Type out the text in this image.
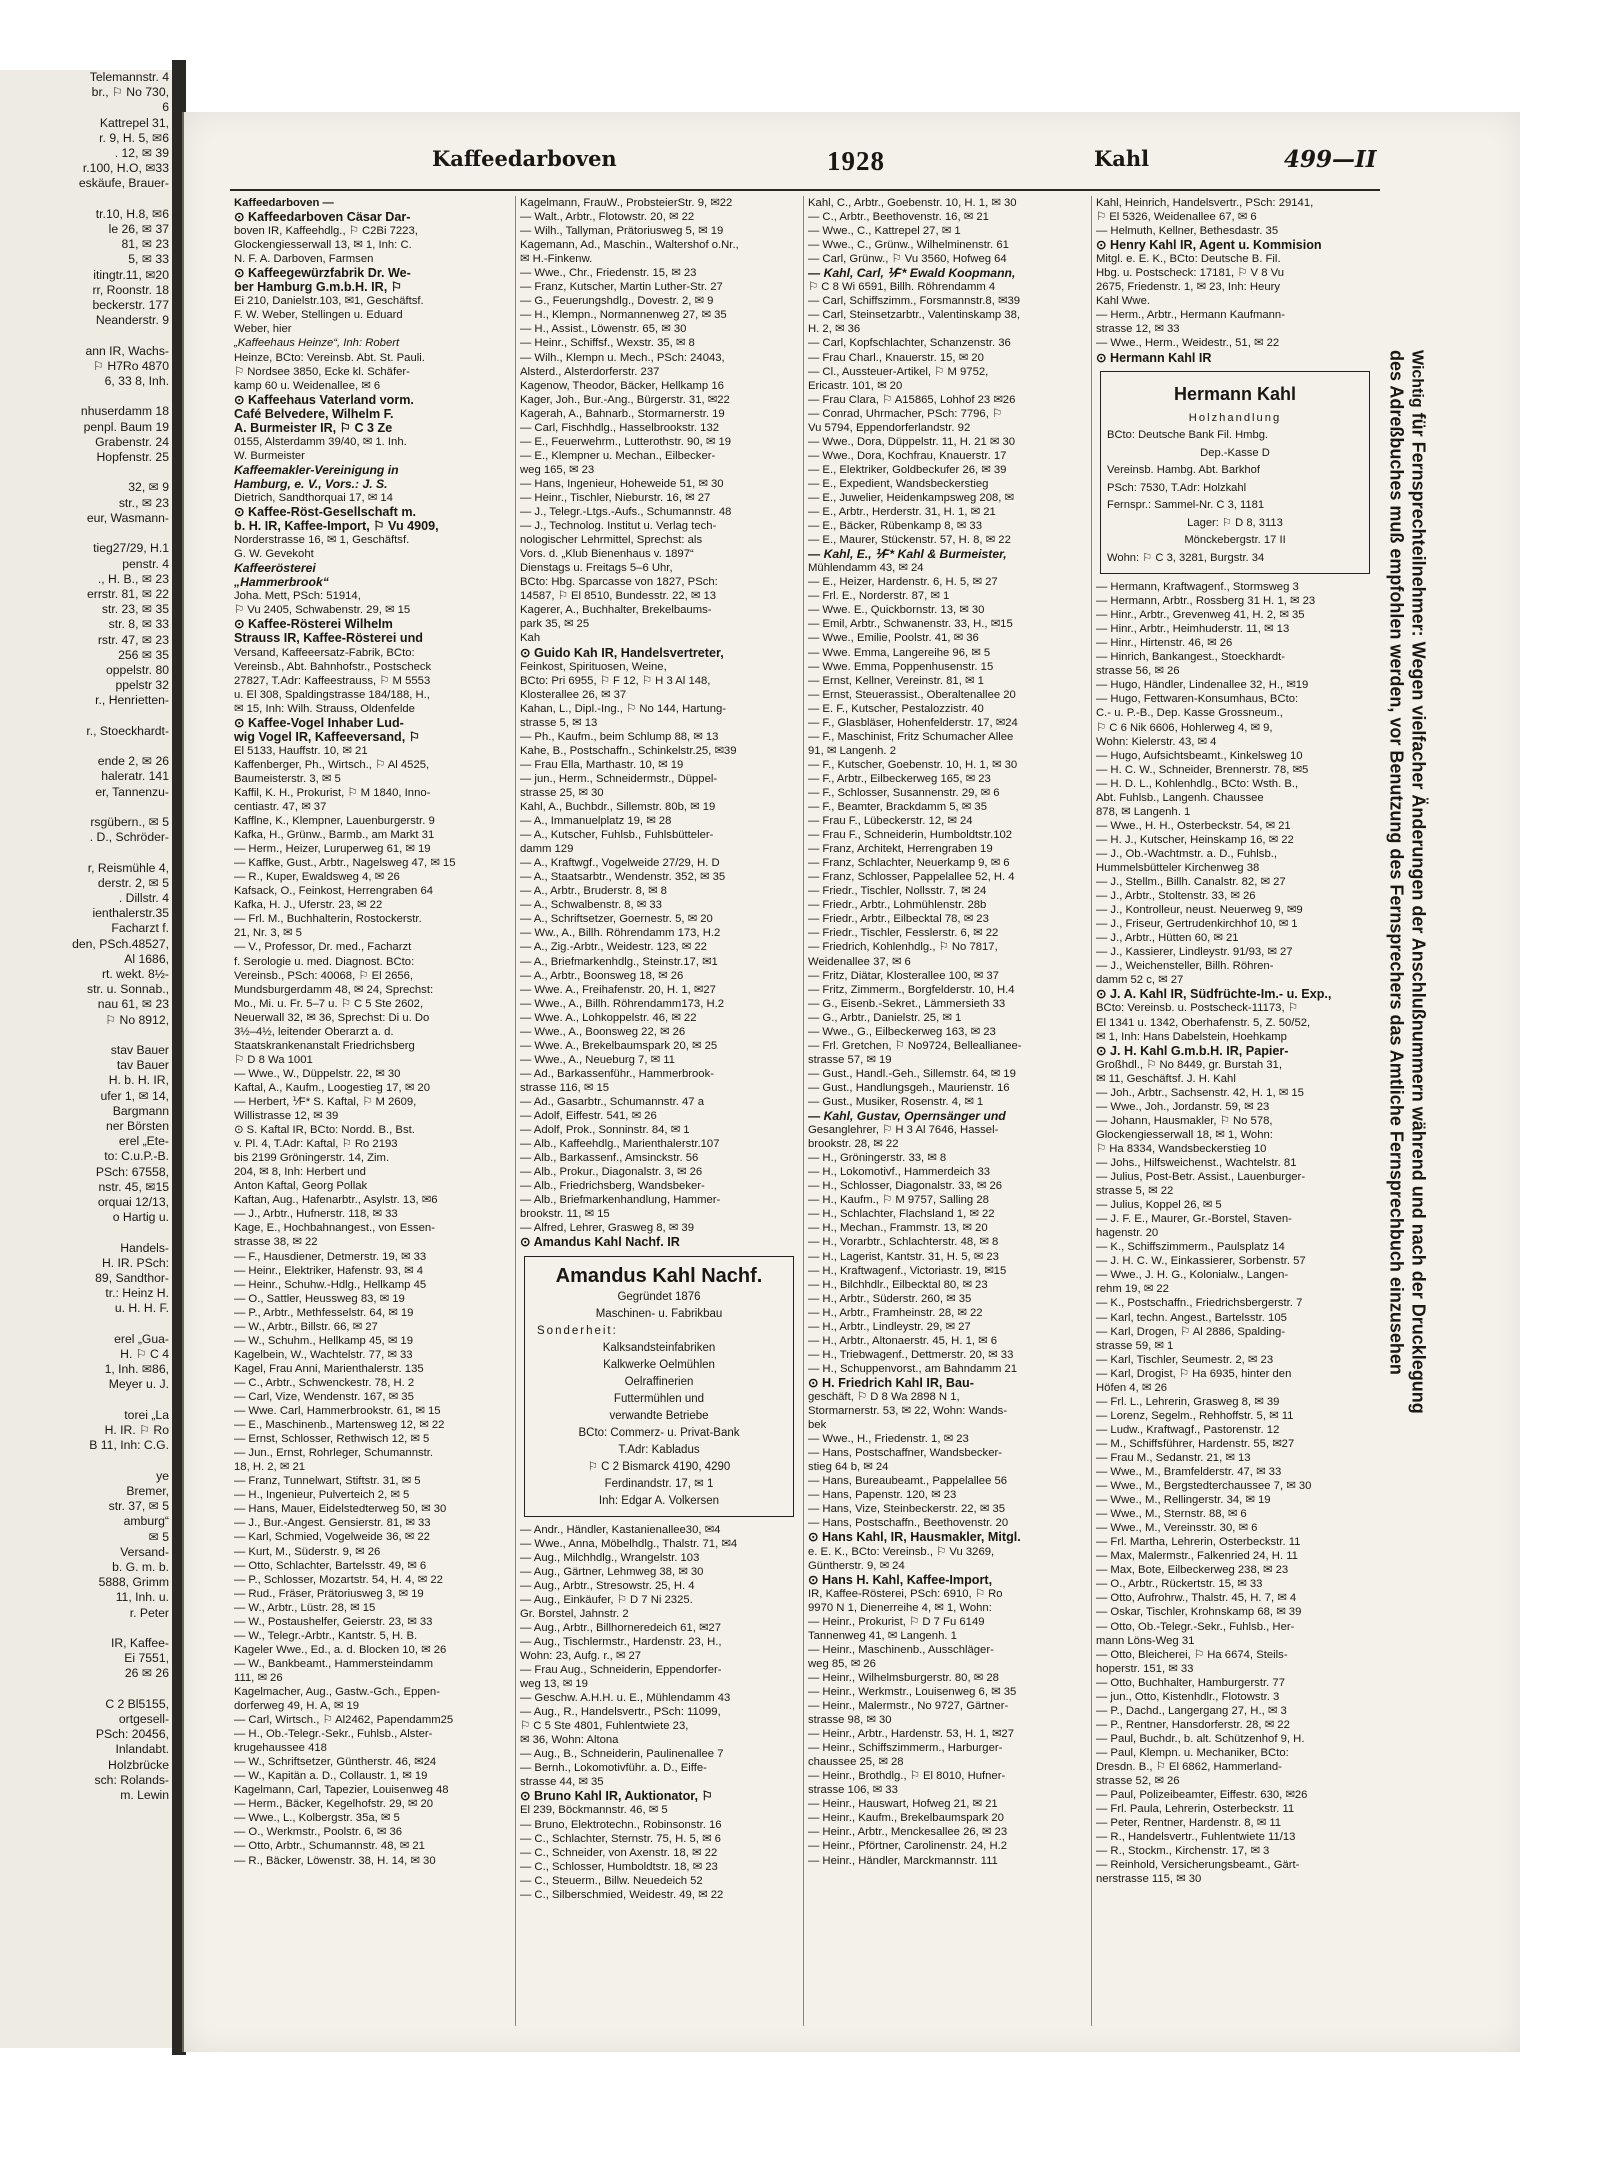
Telemannstr. 4
br., ⚐ No 730,
6
Kattrepel 31,
r. 9, H. 5, ✉6
. 12, ✉ 39
r.100, H.O, ✉33
eskäufe, Brauer-

tr.10, H.8, ✉6
le 26, ✉ 37
81, ✉ 23
5, ✉ 33
itingtr.11, ✉20
rr, Roonstr. 18
beckerstr. 177
Neanderstr. 9

ann IR, Wachs-
⚐ H7Ro 4870
6, 33 8, Inh.

nhuserdamm 18
penpl. Baum 19
Grabenstr. 24
Hopfenstr. 25

32, ✉ 9
str., ✉ 23
eur, Wasmann-

tieg27/29, H.1
penstr. 4
., H. B., ✉ 23
errstr. 81, ✉ 22
str. 23, ✉ 35
str. 8, ✉ 33
rstr. 47, ✉ 23
256 ✉ 35
oppelstr. 80
ppelstr 32
r., Henrietten-

r., Stoeckhardt-

ende 2, ✉ 26
haleratr. 141
er, Tannenzu-

rsgübern., ✉ 5
. D., Schröder-

r, Reismühle 4,
derstr. 2, ✉ 5
. Dillstr. 4
ienthalerstr.35
Facharzt f.
den, PSch.48527,
Al 1686,
rt. wekt. 8½-
str. u. Sonnab.,
nau 61, ✉ 23
⚐ No 8912,

stav Bauer
tav Bauer
H. b. H. IR,
ufer 1, ✉ 14,
Bargmann
ner Börsten
erel „Ete-
to: C.u.P.-B.
PSch: 67558,
nstr. 45, ✉15
orquai 12/13,
o Hartig u.

Handels-
H. IR. PSch:
89, Sandthor-
tr.: Heinz H.
u. H. H. F.

erel „Gua-
H. ⚐ C 4
1, Inh. ✉86,
Meyer u. J.

torei „La
H. IR. ⚐ Ro
B 11, Inh: C.G.

ye
Bremer,
str. 37, ✉ 5
amburg“
✉ 5
Versand-
b. G. m. b.
5888, Grimm
11, Inh. u.
r. Peter

IR, Kaffee-
Ei 7551,
26 ✉ 26

C 2 Bl5155,
ortgesell-
PSch: 20456,
Inlandabt.
Holzbrücke
sch: Rolands-
m. Lewin
Kaffeedarboven	1928	Kahl	499—II
Kaffeedarboven —
⊙ Kaffeedarboven Cäsar Dar-
boven IR, Kaffeehdlg., ⚐ C2Bi 7223,
Glockengiesserwall 13, ✉ 1, Inh: C.
N. F. A. Darboven, Farmsen
⊙ Kaffeegewürzfabrik Dr. We-
ber Hamburg G.m.b.H. IR, ⚐
Ei 210, Danielstr.103, ✉1, Geschäftsf.
F. W. Weber, Stellingen u. Eduard
Weber, hier
„Kaffeehaus Heinze“, Inh: Robert
Heinze, BCto: Vereinsb. Abt. St. Pauli.
⚐ Nordsee 3850, Ecke kl. Schäfer-
kamp 60 u. Weidenallee, ✉ 6
⊙ Kaffeehaus Vaterland vorm.
Café Belvedere, Wilhelm F.
A. Burmeister IR, ⚐ C 3 Ze
0155, Alsterdamm 39/40, ✉ 1. Inh.
W. Burmeister
Kaffeemakler-Vereinigung in
Hamburg, e. V., Vors.: J. S.
Dietrich, Sandthorquai 17, ✉ 14
⊙ Kaffee-Röst-Gesellschaft m.
b. H. IR, Kaffee-Import, ⚐ Vu 4909,
Norderstrasse 16, ✉ 1, Geschäftsf.
G. W. Gevekoht
Kaffeerösterei
„Hammerbrook“
Joha. Mett, PSch: 51914,
⚐ Vu 2405, Schwabenstr. 29, ✉ 15
⊙ Kaffee-Rösterei Wilhelm
Strauss IR, Kaffee-Rösterei und
Versand, Kaffeeersatz-Fabrik, BCto:
Vereinsb., Abt. Bahnhofstr., Postscheck
27827, T.Adr: Kaffeestrauss, ⚐ M 5553
u. El 308, Spaldingstrasse 184/188, H.,
✉ 15, Inh: Wilh. Strauss, Oldenfelde
⊙ Kaffee-Vogel Inhaber Lud-
wig Vogel IR, Kaffeeversand, ⚐
El 5133, Hauffstr. 10, ✉ 21
Kaffenberger, Ph., Wirtsch., ⚐ Al 4525,
Baumeisterstr. 3, ✉ 5
Kaffil, K. H., Prokurist, ⚐ M 1840, Inno-
centiastr. 47, ✉ 37
Kafflne, K., Klempner, Lauenburgerstr. 9
Kafka, H., Grünw., Barmb., am Markt 31
— Herm., Heizer, Luruperweg 61, ✉ 19
— Kaffke, Gust., Arbtr., Nagelsweg 47, ✉ 15
— R., Kuper, Ewaldsweg 4, ✉ 26
Kafsack, O., Feinkost, Herrengraben 64
Kafka, H. J., Uferstr. 23, ✉ 22
— Frl. M., Buchhalterin, Rostockerstr.
21, Nr. 3, ✉ 5
— V., Professor, Dr. med., Facharzt
f. Serologie u. med. Diagnost. BCto:
Vereinsb., PSch: 40068, ⚐ El 2656,
Mundsburgerdamm 48, ✉ 24, Sprechst:
Mo., Mi. u. Fr. 5–7 u. ⚐ C 5 Ste 2602,
Neuerwall 32, ✉ 36, Sprechst: Di u. Do
3½–4½, leitender Oberarzt a. d.
Staatskrankenanstalt Friedrichsberg
⚐ D 8 Wa 1001
— Wwe., W., Düppelstr. 22, ✉ 30
Kaftal, A., Kaufm., Loogestieg 17, ✉ 20
— Herbert, ⅟F* S. Kaftal, ⚐ M 2609,
Willistrasse 12, ✉ 39
⊙ S. Kaftal IR, BCto: Nordd. B., Bst.
v. Pl. 4, T.Adr: Kaftal, ⚐ Ro 2193
bis 2199 Gröningerstr. 14, Zim.
204, ✉ 8, Inh: Herbert und
Anton Kaftal, Georg Pollak
Kaftan, Aug., Hafenarbtr., Asylstr. 13, ✉6
— J., Arbtr., Hufnerstr. 118, ✉ 33
Kage, E., Hochbahnangest., von Essen-
strasse 38, ✉ 22
— F., Hausdiener, Detmerstr. 19, ✉ 33
— Heinr., Elektriker, Hafenstr. 93, ✉ 4
— Heinr., Schuhw.-Hdlg., Hellkamp 45
— O., Sattler, Heussweg 83, ✉ 19
— P., Arbtr., Methfesselstr. 64, ✉ 19
— W., Arbtr., Billstr. 66, ✉ 27
— W., Schuhm., Hellkamp 45, ✉ 19
Kagelbein, W., Wachtelstr. 77, ✉ 33
Kagel, Frau Anni, Marienthalerstr. 135
— C., Arbtr., Schwenckestr. 78, H. 2
— Carl, Vize, Wendenstr. 167, ✉ 35
— Wwe. Carl, Hammerbrookstr. 61, ✉ 15
— E., Maschinenb., Martensweg 12, ✉ 22
— Ernst, Schlosser, Rethwisch 12, ✉ 5
— Jun., Ernst, Rohrleger, Schumannstr.
18, H. 2, ✉ 21
— Franz, Tunnelwart, Stiftstr. 31, ✉ 5
— H., Ingenieur, Pulverteich 2, ✉ 5
— Hans, Mauer, Eidelstedterweg 50, ✉ 30
— J., Bur.-Angest. Gensierstr. 81, ✉ 33
— Karl, Schmied, Vogelweide 36, ✉ 22
— Kurt, M., Süderstr. 9, ✉ 26
— Otto, Schlachter, Bartelsstr. 49, ✉ 6
— P., Schlosser, Mozartstr. 54, H. 4, ✉ 22
— Rud., Fräser, Prätoriusweg 3, ✉ 19
— W., Arbtr., Lüstr. 28, ✉ 15
— W., Postaushelfer, Geierstr. 23, ✉ 33
— W., Telegr.-Arbtr., Kantstr. 5, H. B.
Kageler Wwe., Ed., a. d. Blocken 10, ✉ 26
— W., Bankbeamt., Hammersteindamm
111, ✉ 26
Kagelmacher, Aug., Gastw.-Gch., Eppen-
dorferweg 49, H. A, ✉ 19
— Carl, Wirtsch., ⚐ Al2462, Papendamm25
— H., Ob.-Telegr.-Sekr., Fuhlsb., Alster-
krugehaussee 418
— W., Schriftsetzer, Güntherstr. 46, ✉24
— W., Kapitän a. D., Collaustr. 1, ✉ 19
Kagelmann, Carl, Tapezier, Louisenweg 48
— Herm., Bäcker, Kegelhofstr. 29, ✉ 20
— Wwe., L., Kolbergstr. 35a, ✉ 5
— O., Werkmstr., Poolstr. 6, ✉ 36
— Otto, Arbtr., Schumannstr. 48, ✉ 21
— R., Bäcker, Löwenstr. 38, H. 14, ✉ 30
Kagelmann, FrauW., ProbsteierStr. 9, ✉22
— Walt., Arbtr., Flotowstr. 20, ✉ 22
— Wilh., Tallyman, Prätoriusweg 5, ✉ 19
Kagemann, Ad., Maschin., Waltershof o.Nr.,
✉ H.-Finkenw.
— Wwe., Chr., Friedenstr. 15, ✉ 23
— Franz, Kutscher, Martin Luther-Str. 27
— G., Feuerungshdlg., Dovestr. 2, ✉ 9
— H., Klempn., Normannenweg 27, ✉ 35
— H., Assist., Löwenstr. 65, ✉ 30
— Heinr., Schiffsf., Wexstr. 35, ✉ 8
— Wilh., Klempn u. Mech., PSch: 24043,
Alsterd., Alsterdorferstr. 237
Kagenow, Theodor, Bäcker, Hellkamp 16
Kager, Joh., Bur.-Ang., Bürgerstr. 31, ✉22
Kagerah, A., Bahnarb., Stormarnerstr. 19
— Carl, Fischhdlg., Hasselbrookstr. 132
— E., Feuerwehrm., Lutterothstr. 90, ✉ 19
— E., Klempner u. Mechan., Eilbecker-
weg 165, ✉ 23
— Hans, Ingenieur, Hoheweide 51, ✉ 30
— Heinr., Tischler, Nieburstr. 16, ✉ 27
— J., Telegr.-Ltgs.-Aufs., Schumannstr. 48
— J., Technolog. Institut u. Verlag tech-
nologischer Lehrmittel, Sprechst: als
Vors. d. „Klub Bienenhaus v. 1897“
Dienstags u. Freitags 5–6 Uhr,
BCto: Hbg. Sparcasse von 1827, PSch:
14587, ⚐ El 8510, Bundesstr. 22, ✉ 13
Kagerer, A., Buchhalter, Brekelbaums-
park 35, ✉ 25
Kah
⊙ Guido Kah IR, Handelsvertreter,
Feinkost, Spirituosen, Weine,
BCto: Pri 6955, ⚐ F 12, ⚐ H 3 Al 148,
Klosterallee 26, ✉ 37
Kahan, L., Dipl.-Ing., ⚐ No 144, Hartung-
strasse 5, ✉ 13
— Ph., Kaufm., beim Schlump 88, ✉ 13
Kahe, B., Postschaffn., Schinkelstr.25, ✉39
— Frau Ella, Marthastr. 10, ✉ 19
— jun., Herm., Schneidermstr., Düppel-
strasse 25, ✉ 30
Kahl, A., Buchbdr., Sillemstr. 80b, ✉ 19
— A., Immanuelplatz 19, ✉ 28
— A., Kutscher, Fuhlsb., Fuhlsbütteler-
damm 129
— A., Kraftwgf., Vogelweide 27/29, H. D
— A., Staatsarbtr., Wendenstr. 352, ✉ 35
— A., Arbtr., Bruderstr. 8, ✉ 8
— A., Schwalbenstr. 8, ✉ 33
— A., Schriftsetzer, Goernestr. 5, ✉ 20
— Ww., A., Billh. Röhrendamm 173, H.2
— A., Zig.-Arbtr., Weidestr. 123, ✉ 22
— A., Briefmarkenhdlg., Steinstr.17, ✉1
— A., Arbtr., Boonsweg 18, ✉ 26
— Wwe. A., Freihafenstr. 20, H. 1, ✉27
— Wwe., A., Billh. Röhrendamm173, H.2
— Wwe. A., Lohkoppelstr. 46, ✉ 22
— Wwe., A., Boonsweg 22, ✉ 26
— Wwe. A., Brekelbaumspark 20, ✉ 25
— Wwe., A., Neueburg 7, ✉ 11
— Ad., Barkassenführ., Hammerbrook-
strasse 116, ✉ 15
— Ad., Gasarbtr., Schumannstr. 47 a
— Adolf, Eiffestr. 541, ✉ 26
— Adolf, Prok., Sonninstr. 84, ✉ 1
— Alb., Kaffeehdlg., Marienthalerstr.107
— Alb., Barkassenf., Amsinckstr. 56
— Alb., Prokur., Diagonalstr. 3, ✉ 26
— Alb., Friedrichsberg, Wandsbeker-
— Alb., Briefmarkenhandlung, Hammer-
brookstr. 11, ✉ 15
— Alfred, Lehrer, Grasweg 8, ✉ 39
⊙ Amandus Kahl Nachf. IR
Amandus Kahl Nachf.
Gegründet 1876
Maschinen- u. Fabrikbau
Sonderheit:
Kalksandsteinfabriken
Kalkwerke Oelmühlen
Oelraffinerien
Futtermühlen und
verwandte Betriebe
BCto: Commerz- u. Privat-Bank
T.Adr: Kabladus
⚐ C 2 Bismarck 4190, 4290
Ferdinandstr. 17, ✉ 1
Inh: Edgar A. Volkersen
— Andr., Händler, Kastanienallee30, ✉4
— Wwe., Anna, Möbelhdlg., Thalstr. 71, ✉4
— Aug., Milchhdlg., Wrangelstr. 103
— Aug., Gärtner, Lehmweg 38, ✉ 30
— Aug., Arbtr., Stresowstr. 25, H. 4
— Aug., Einkäufer, ⚐ D 7 Ni 2325.
Gr. Borstel, Jahnstr. 2
— Aug., Arbtr., Billhorneredeich 61, ✉27
— Aug., Tischlermstr., Hardenstr. 23, H.,
Wohn: 23, Aufg. r., ✉ 27
— Frau Aug., Schneiderin, Eppendorfer-
weg 13, ✉ 19
— Geschw. A.H.H. u. E., Mühlendamm 43
— Aug., R., Handelsvertr., PSch: 11099,
⚐ C 5 Ste 4801, Fuhlentwiete 23,
✉ 36, Wohn: Altona
— Aug., B., Schneiderin, Paulinenallee 7
— Bernh., Lokomotivführ. a. D., Eiffe-
strasse 44, ✉ 35
⊙ Bruno Kahl IR, Auktionator, ⚐
El 239, Böckmannstr. 46, ✉ 5
— Bruno, Elektrotechn., Robinsonstr. 16
— C., Schlachter, Sternstr. 75, H. 5, ✉ 6
— C., Schneider, von Axenstr. 18, ✉ 22
— C., Schlosser, Humboldtstr. 18, ✉ 23
— C., Steuerm., Billw. Neuedeich 52
— C., Silberschmied, Weidestr. 49, ✉ 22
Kahl, C., Arbtr., Goebenstr. 10, H. 1, ✉ 30
— C., Arbtr., Beethovenstr. 16, ✉ 21
— Wwe., C., Kattrepel 27, ✉ 1
— Wwe., C., Grünw., Wilhelminenstr. 61
— Carl, Grünw., ⚐ Vu 3560, Hofweg 64
— Kahl, Carl, ⅟F* Ewald Koopmann,
⚐ C 8 Wi 6591, Billh. Röhrendamm 4
— Carl, Schiffszimm., Forsmannstr.8, ✉39
— Carl, Steinsetzarbtr., Valentinskamp 38,
H. 2, ✉ 36
— Carl, Kopfschlachter, Schanzenstr. 36
— Frau Charl., Knauerstr. 15, ✉ 20
— Cl., Aussteuer-Artikel, ⚐ M 9752,
Ericastr. 101, ✉ 20
— Frau Clara, ⚐ A15865, Lohhof 23 ✉26
— Conrad, Uhrmacher, PSch: 7796, ⚐
Vu 5794, Eppendorferlandstr. 92
— Wwe., Dora, Düppelstr. 11, H. 21 ✉ 30
— Wwe., Dora, Kochfrau, Knauerstr. 17
— E., Elektriker, Goldbeckufer 26, ✉ 39
— E., Expedient, Wandsbeckerstieg
— E., Juwelier, Heidenkampsweg 208, ✉
— E., Arbtr., Herderstr. 31, H. 1, ✉ 21
— E., Bäcker, Rübenkamp 8, ✉ 33
— E., Maurer, Stückenstr. 57, H. 8, ✉ 22
— Kahl, E., ⅟F* Kahl & Burmeister,
Mühlendamm 43, ✉ 24
— E., Heizer, Hardenstr. 6, H. 5, ✉ 27
— Frl. E., Norderstr. 87, ✉ 1
— Wwe. E., Quickbornstr. 13, ✉ 30
— Emil, Arbtr., Schwanenstr. 33, H., ✉15
— Wwe., Emilie, Poolstr. 41, ✉ 36
— Wwe. Emma, Langereihe 96, ✉ 5
— Wwe. Emma, Poppenhusenstr. 15
— Ernst, Kellner, Vereinstr. 81, ✉ 1
— Ernst, Steuerassist., Oberaltenallee 20
— E. F., Kutscher, Pestalozzistr. 40
— F., Glasbläser, Hohenfelderstr. 17, ✉24
— F., Maschinist, Fritz Schumacher Allee
91, ✉ Langenh. 2
— F., Kutscher, Goebenstr. 10, H. 1, ✉ 30
— F., Arbtr., Eilbeckerweg 165, ✉ 23
— F., Schlosser, Susannenstr. 29, ✉ 6
— F., Beamter, Brackdamm 5, ✉ 35
— Frau F., Lübeckerstr. 12, ✉ 24
— Frau F., Schneiderin, Humboldtstr.102
— Franz, Architekt, Herrengraben 19
— Franz, Schlachter, Neuerkamp 9, ✉ 6
— Franz, Schlosser, Pappelallee 52, H. 4
— Friedr., Tischler, Nollsstr. 7, ✉ 24
— Friedr., Arbtr., Lohmühlenstr. 28b
— Friedr., Arbtr., Eilbecktal 78, ✉ 23
— Friedr., Tischler, Fesslerstr. 6, ✉ 22
— Friedrich, Kohlenhdlg., ⚐ No 7817,
Weidenallee 37, ✉ 6
— Fritz, Diätar, Klosterallee 100, ✉ 37
— Fritz, Zimmerm., Borgfelderstr. 10, H.4
— G., Eisenb.-Sekret., Lämmersieth 33
— G., Arbtr., Danielstr. 25, ✉ 1
— Wwe., G., Eilbeckerweg 163, ✉ 23
— Frl. Gretchen, ⚐ No9724, Belleallianee-
strasse 57, ✉ 19
— Gust., Handl.-Geh., Sillemstr. 64, ✉ 19
— Gust., Handlungsgeh., Maurienstr. 16
— Gust., Musiker, Rosenstr. 4, ✉ 1
— Kahl, Gustav, Opernsänger und
Gesanglehrer, ⚐ H 3 Al 7646, Hassel-
brookstr. 28, ✉ 22
— H., Gröningerstr. 33, ✉ 8
— H., Lokomotivf., Hammerdeich 33
— H., Schlosser, Diagonalstr. 33, ✉ 26
— H., Kaufm., ⚐ M 9757, Salling 28
— H., Schlachter, Flachsland 1, ✉ 22
— H., Mechan., Frammstr. 13, ✉ 20
— H., Vorarbtr., Schlachterstr. 48, ✉ 8
— H., Lagerist, Kantstr. 31, H. 5, ✉ 23
— H., Kraftwagenf., Victoriastr. 19, ✉15
— H., Bilchhdlr., Eilbecktal 80, ✉ 23
— H., Arbtr., Süderstr. 260, ✉ 35
— H., Arbtr., Framheinstr. 28, ✉ 22
— H., Arbtr., Lindleystr. 29, ✉ 27
— H., Arbtr., Altonaerstr. 45, H. 1, ✉ 6
— H., Triebwagenf., Dettmerstr. 20, ✉ 33
— H., Schuppenvorst., am Bahndamm 21
⊙ H. Friedrich Kahl IR, Bau-
geschäft, ⚐ D 8 Wa 2898 N 1,
Stormarnerstr. 53, ✉ 22, Wohn: Wands-
bek
— Wwe., H., Friedenstr. 1, ✉ 23
— Hans, Postschaffner, Wandsbecker-
stieg 64 b, ✉ 24
— Hans, Bureaubeamt., Pappelallee 56
— Hans, Papenstr. 120, ✉ 23
— Hans, Vize, Steinbeckerstr. 22, ✉ 35
— Hans, Postschaffn., Beethovenstr. 20
⊙ Hans Kahl, IR, Hausmakler, Mitgl.
e. E. K., BCto: Vereinsb., ⚐ Vu 3269,
Güntherstr. 9, ✉ 24
⊙ Hans H. Kahl, Kaffee-Import,
IR, Kaffee-Rösterei, PSch: 6910, ⚐ Ro
9970 N 1, Dienerreihe 4, ✉ 1, Wohn:
— Heinr., Prokurist, ⚐ D 7 Fu 6149
Tannenweg 41, ✉ Langenh. 1
— Heinr., Maschinenb., Ausschläger-
weg 85, ✉ 26
— Heinr., Wilhelmsburgerstr. 80, ✉ 28
— Heinr., Werkmstr., Louisenweg 6, ✉ 35
— Heinr., Malermstr., No 9727, Gärtner-
strasse 98, ✉ 30
— Heinr., Arbtr., Hardenstr. 53, H. 1, ✉27
— Heinr., Schiffszimmerm., Harburger-
chaussee 25, ✉ 28
— Heinr., Brothdlg., ⚐ El 8010, Hufner-
strasse 106, ✉ 33
— Heinr., Hauswart, Hofweg 21, ✉ 21
— Heinr., Kaufm., Brekelbaumspark 20
— Heinr., Arbtr., Menckesallee 26, ✉ 23
— Heinr., Pförtner, Carolinenstr. 24, H.2
— Heinr., Händler, Marckmannstr. 111
Kahl, Heinrich, Handelsvertr., PSch: 29141,
⚐ El 5326, Weidenallee 67, ✉ 6
— Helmuth, Kellner, Bethesdastr. 35
⊙ Henry Kahl IR, Agent u. Kommision
Mitgl. e. E. K., BCto: Deutsche B. Fil.
Hbg. u. Postscheck: 17181, ⚐ V 8 Vu
2675, Friedenstr. 1, ✉ 23, Inh: Heury
Kahl Wwe.
— Herm., Arbtr., Hermann Kaufmann-
strasse 12, ✉ 33
— Wwe., Herm., Weidestr., 51, ✉ 22
⊙ Hermann Kahl IR
Hermann Kahl
Holzhandlung
BCto: Deutsche Bank Fil. Hmbg.
Dep.-Kasse D
Vereinsb. Hambg. Abt. Barkhof
PSch: 7530, T.Adr: Holzkahl
Fernspr.: Sammel-Nr. C 3, 1181
Lager: ⚐ D 8, 3113
Mönckebergstr. 17 II
Wohn: ⚐ C 3, 3281, Burgstr. 34
— Hermann, Kraftwagenf., Stormsweg 3
— Hermann, Arbtr., Rossberg 31 H. 1, ✉ 23
— Hinr., Arbtr., Grevenweg 41, H. 2, ✉ 35
— Hinr., Arbtr., Heimhuderstr. 11, ✉ 13
— Hinr., Hirtenstr. 46, ✉ 26
— Hinrich, Bankangest., Stoeckhardt-
strasse 56, ✉ 26
— Hugo, Händler, Lindenallee 32, H., ✉19
— Hugo, Fettwaren-Konsumhaus, BCto:
C.- u. P.-B., Dep. Kasse Grossneum.,
⚐ C 6 Nik 6606, Hohlerweg 4, ✉ 9,
Wohn: Kielerstr. 43, ✉ 4
— Hugo, Aufsichtsbeamt., Kinkelsweg 10
— H. C. W., Schneider, Brennerstr. 78, ✉5
— H. D. L., Kohlenhdlg., BCto: Wsth. B.,
Abt. Fuhlsb., Langenh. Chaussee
878, ✉ Langenh. 1
— Wwe., H. H., Osterbeckstr. 54, ✉ 21
— H. J., Kutscher, Heinskamp 16, ✉ 22
— J., Ob.-Wachtmstr. a. D., Fuhlsb.,
Hummelsbütteler Kirchenweg 38
— J., Stellm., Billh. Canalstr. 82, ✉ 27
— J., Arbtr., Stoltenstr. 33, ✉ 26
— J., Kontrolleur, neust. Neuerweg 9, ✉9
— J., Friseur, Gertrudenkirchhof 10, ✉ 1
— J., Arbtr., Hütten 60, ✉ 21
— J., Kassierer, Lindleystr. 91/93, ✉ 27
— J., Weichensteller, Billh. Röhren-
damm 52 c, ✉ 27
⊙ J. A. Kahl IR, Südfrüchte-Im.- u. Exp.,
BCto: Vereinsb. u. Postscheck-11173, ⚐
El 1341 u. 1342, Oberhafenstr. 5, Z. 50/52,
✉ 1, Inh: Hans Dabelstein, Hoehkamp
⊙ J. H. Kahl G.m.b.H. IR, Papier-
Großhdl., ⚐ No 8449, gr. Burstah 31,
✉ 11, Geschäftsf. J. H. Kahl
— Joh., Arbtr., Sachsenstr. 42, H. 1, ✉ 15
— Wwe., Joh., Jordanstr. 59, ✉ 23
— Johann, Hausmakler, ⚐ No 578,
Glockengiesserwall 18, ✉ 1, Wohn:
⚐ Ha 8334, Wandsbeckerstieg 10
— Johs., Hilfsweichenst., Wachtelstr. 81
— Julius, Post-Betr. Assist., Lauenburger-
strasse 5, ✉ 22
— Julius, Koppel 26, ✉ 5
— J. F. E., Maurer, Gr.-Borstel, Staven-
hagenstr. 20
— K., Schiffszimmerm., Paulsplatz 14
— J. H. C. W., Einkassierer, Sorbenstr. 57
— Wwe., J. H. G., Kolonialw., Langen-
rehm 19, ✉ 22
— K., Postschaffn., Friedrichsbergerstr. 7
— Karl, techn. Angest., Bartelsstr. 105
— Karl, Drogen, ⚐ Al 2886, Spalding-
strasse 59, ✉ 1
— Karl, Tischler, Seumestr. 2, ✉ 23
— Karl, Drogist, ⚐ Ha 6935, hinter den
Höfen 4, ✉ 26
— Frl. L., Lehrerin, Grasweg 8, ✉ 39
— Lorenz, Segelm., Rehhoffstr. 5, ✉ 11
— Ludw., Kraftwagf., Pastorenstr. 12
— M., Schiffsführer, Hardenstr. 55, ✉27
— Frau M., Sedanstr. 21, ✉ 13
— Wwe., M., Bramfelderstr. 47, ✉ 33
— Wwe., M., Bergstedterchaussee 7, ✉ 30
— Wwe., M., Rellingerstr. 34, ✉ 19
— Wwe., M., Sternstr. 88, ✉ 6
— Wwe., M., Vereinsstr. 30, ✉ 6
— Frl. Martha, Lehrerin, Osterbeckstr. 11
— Max, Malermstr., Falkenried 24, H. 11
— Max, Bote, Eilbeckerweg 238, ✉ 23
— O., Arbtr., Rückertstr. 15, ✉ 33
— Otto, Aufrohrw., Thalstr. 45, H. 7, ✉ 4
— Oskar, Tischler, Krohnskamp 68, ✉ 39
— Otto, Ob.-Telegr.-Sekr., Fuhlsb., Her-
mann Löns-Weg 31
— Otto, Bleicherei, ⚐ Ha 6674, Steils-
hoperstr. 151, ✉ 33
— Otto, Buchhalter, Hamburgerstr. 77
— jun., Otto, Kistenhdlr., Flotowstr. 3
— P., Dachd., Langergang 27, H., ✉ 3
— P., Rentner, Hansdorferstr. 28, ✉ 22
— Paul, Buchdr., b. alt. Schützenhof 9, H.
— Paul, Klempn. u. Mechaniker, BCto:
Dresdn. B., ⚐ El 6862, Hammerland-
strasse 52, ✉ 26
— Paul, Polizeibeamter, Eiffestr. 630, ✉26
— Frl. Paula, Lehrerin, Osterbeckstr. 11
— Peter, Rentner, Hardenstr. 8, ✉ 11
— R., Handelsvertr., Fuhlentwiete 11/13
— R., Stockm., Kirchenstr. 17, ✉ 3
— Reinhold, Versicherungsbeamt., Gärt-
nerstrasse 115, ✉ 30
Wichtig für Fernsprechteilnehmer: Wegen vielfacher Änderungen der Anschlußnummern während und nach der Drucklegung
des Adreßbuches muß empfohlen werden, vor Benutzung des Fernsprechers das Amtliche Fernsprechbuch einzusehen
